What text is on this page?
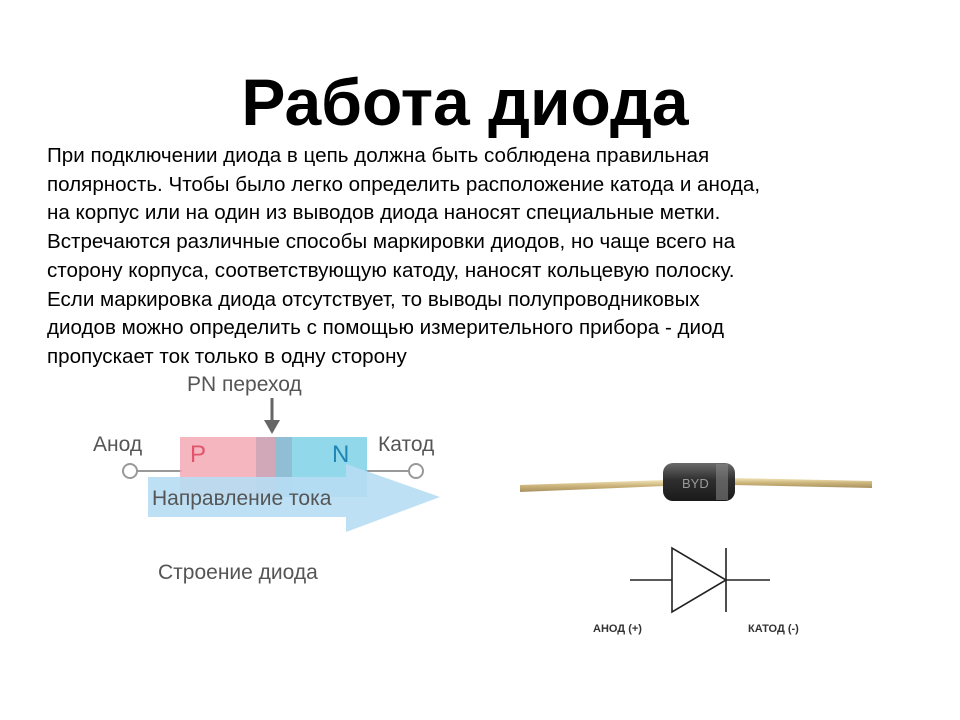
Работа диода
При подключении диода в цепь должна быть соблюдена правильная
полярность. Чтобы было легко определить расположение катода и анода,
на корпус или на один из выводов диода наносят специальные метки.
Встречаются различные способы маркировки диодов, но чаще всего на
сторону корпуса, соответствующую катоду, наносят кольцевую полоску.
Если маркировка диода отсутствует, то выводы полупроводниковых
диодов можно определить с помощью измерительного прибора - диод
пропускает ток только в одну сторону
PN переход
Анод	Катод
P	N
Направление тока
Строение диода
BYD
АНОД (+)	КАТОД (-)
